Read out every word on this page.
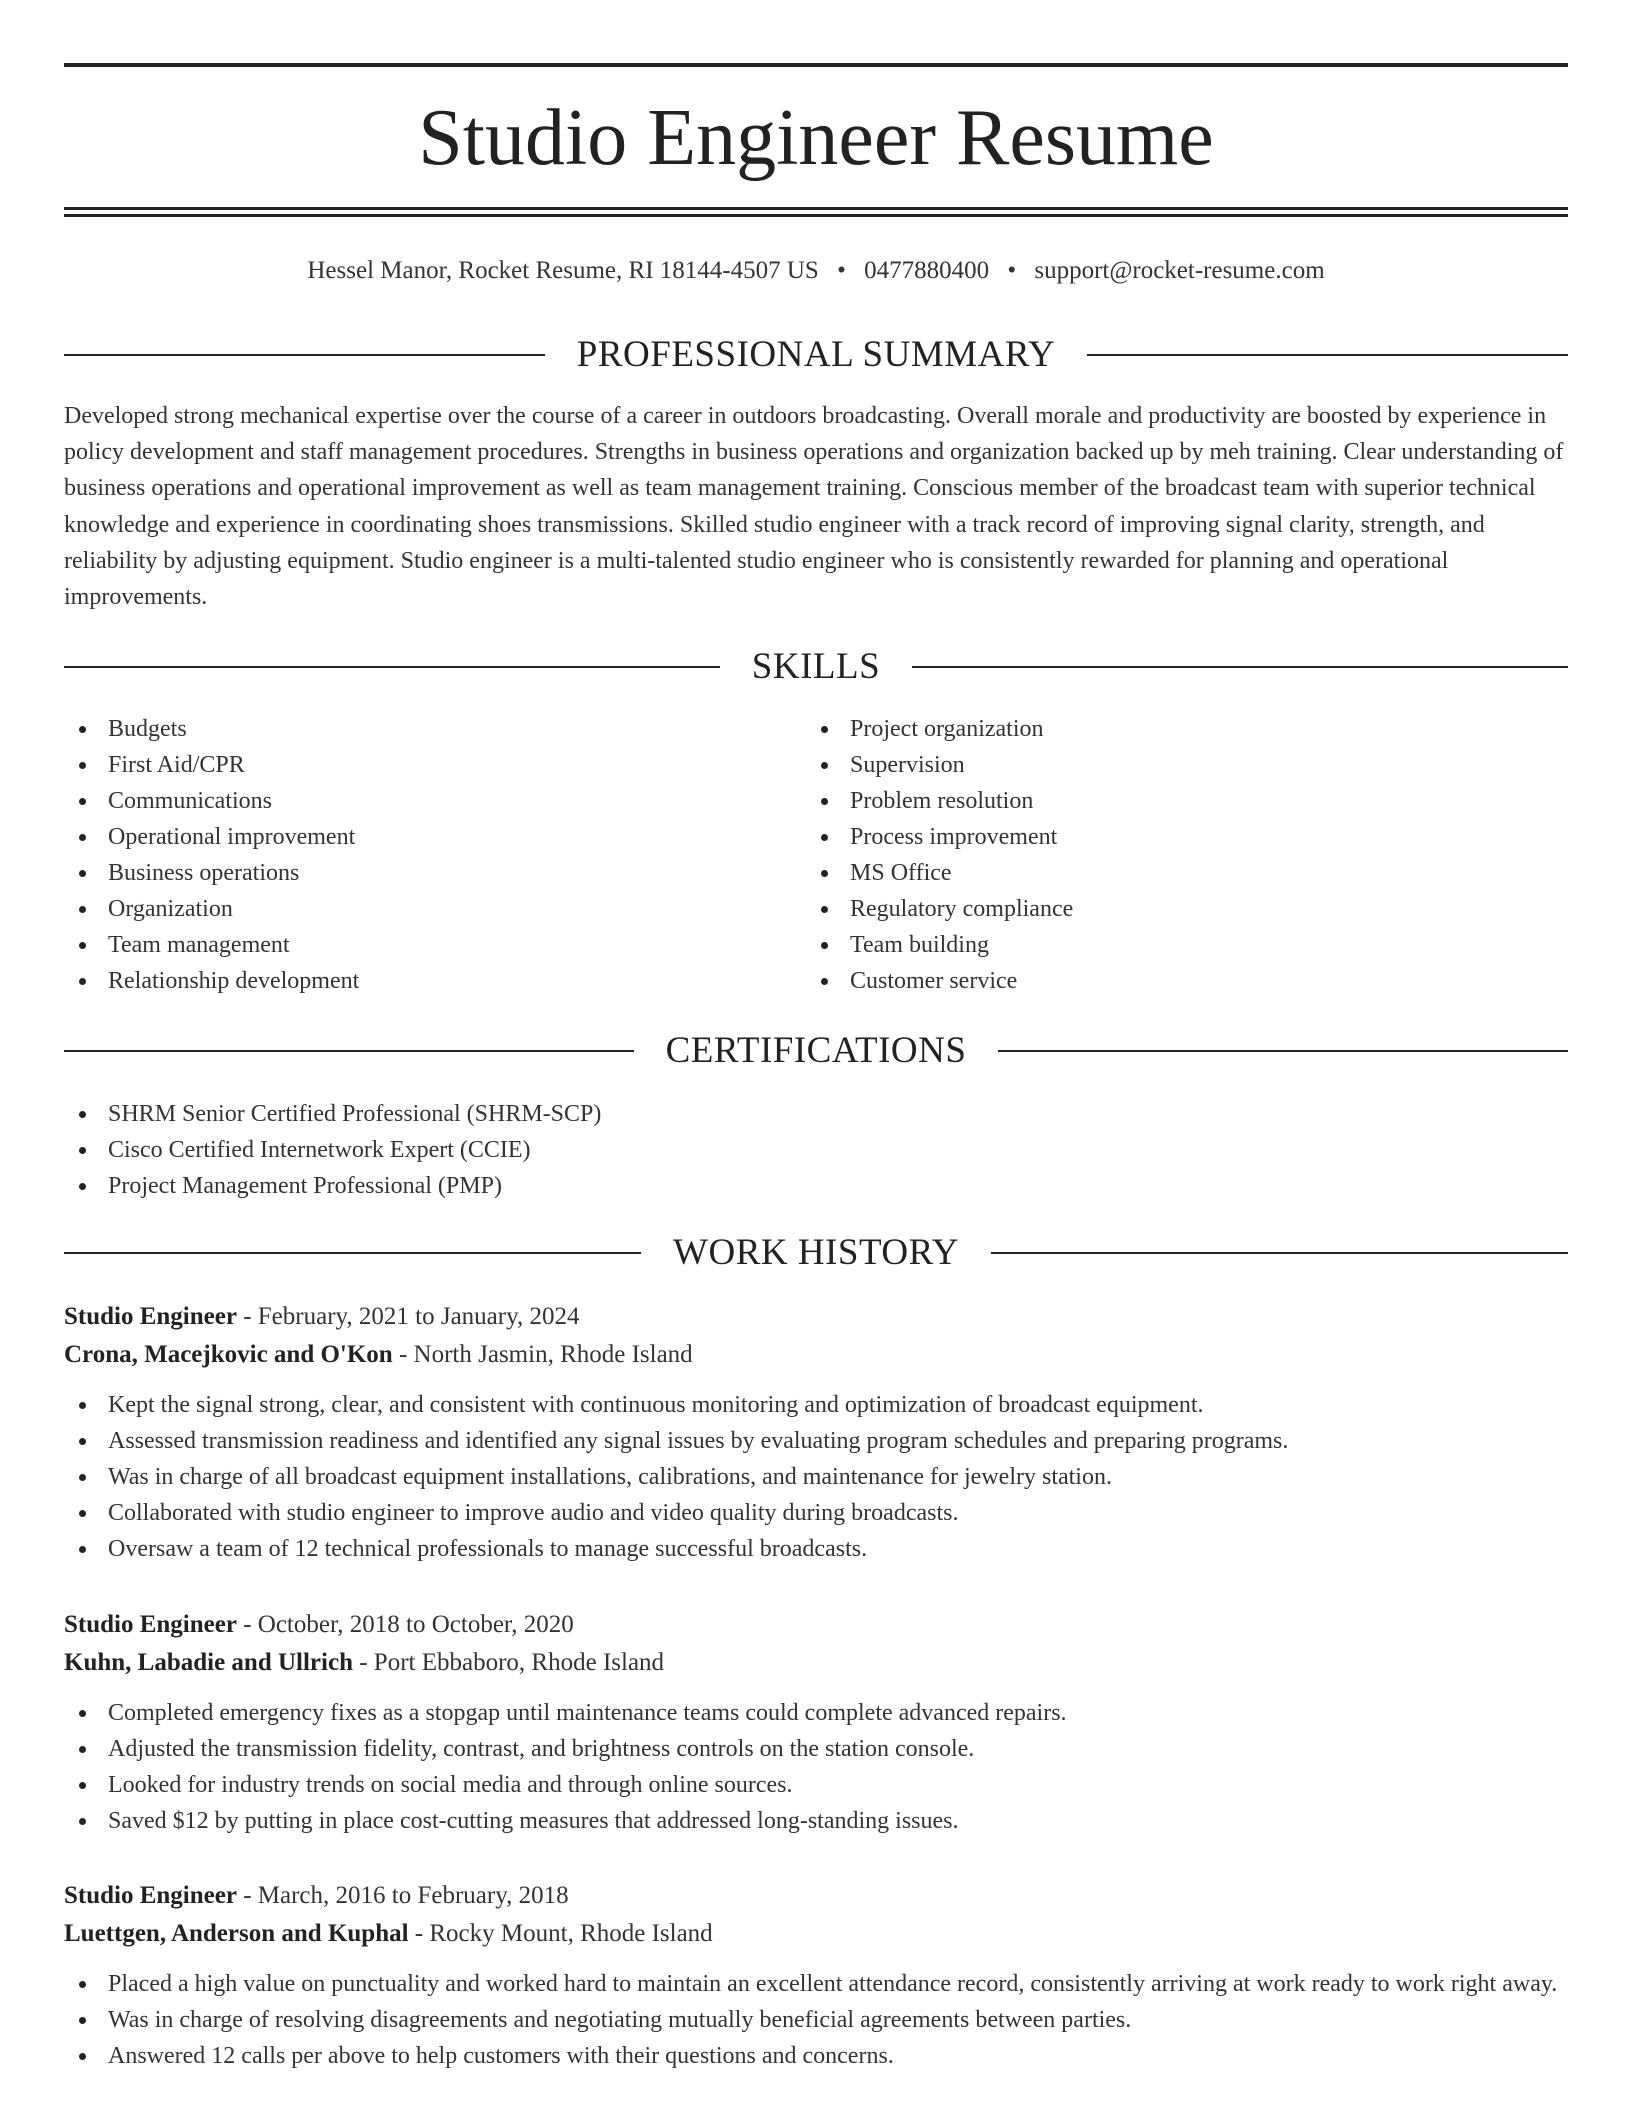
Studio Engineer Resume
Hessel Manor, Rocket Resume, RI 18144-4507 US • 0477880400 • support@rocket-resume.com
PROFESSIONAL SUMMARY

Developed strong mechanical expertise over the course of a career in outdoors broadcasting. Overall morale and productivity are boosted by experience in policy development and staff management procedures. Strengths in business operations and organization backed up by meh training. Clear understanding of business operations and operational improvement as well as team management training. Conscious member of the broadcast team with superior technical knowledge and experience in coordinating shoes transmissions. Skilled studio engineer with a track record of improving signal clarity, strength, and reliability by adjusting equipment. Studio engineer is a multi-talented studio engineer who is consistently rewarded for planning and operational improvements.

SKILLS
Budgets
First Aid/CPR
Communications
Operational improvement
Business operations
Organization
Team management
Relationship development
Project organization
Supervision
Problem resolution
Process improvement
MS Office
Regulatory compliance
Team building
Customer service
CERTIFICATIONS
SHRM Senior Certified Professional (SHRM-SCP)
Cisco Certified Internetwork Expert (CCIE)
Project Management Professional (PMP)
WORK HISTORY
Studio Engineer - February, 2021 to January, 2024
Crona, Macejkovic and O'Kon - North Jasmin, Rhode Island
Kept the signal strong, clear, and consistent with continuous monitoring and optimization of broadcast equipment.
Assessed transmission readiness and identified any signal issues by evaluating program schedules and preparing programs.
Was in charge of all broadcast equipment installations, calibrations, and maintenance for jewelry station.
Collaborated with studio engineer to improve audio and video quality during broadcasts.
Oversaw a team of 12 technical professionals to manage successful broadcasts.
Studio Engineer - October, 2018 to October, 2020
Kuhn, Labadie and Ullrich - Port Ebbaboro, Rhode Island
Completed emergency fixes as a stopgap until maintenance teams could complete advanced repairs.
Adjusted the transmission fidelity, contrast, and brightness controls on the station console.
Looked for industry trends on social media and through online sources.
Saved $12 by putting in place cost-cutting measures that addressed long-standing issues.
Studio Engineer - March, 2016 to February, 2018
Luettgen, Anderson and Kuphal - Rocky Mount, Rhode Island
Placed a high value on punctuality and worked hard to maintain an excellent attendance record, consistently arriving at work ready to work right away.
Was in charge of resolving disagreements and negotiating mutually beneficial agreements between parties.
Answered 12 calls per above to help customers with their questions and concerns.
